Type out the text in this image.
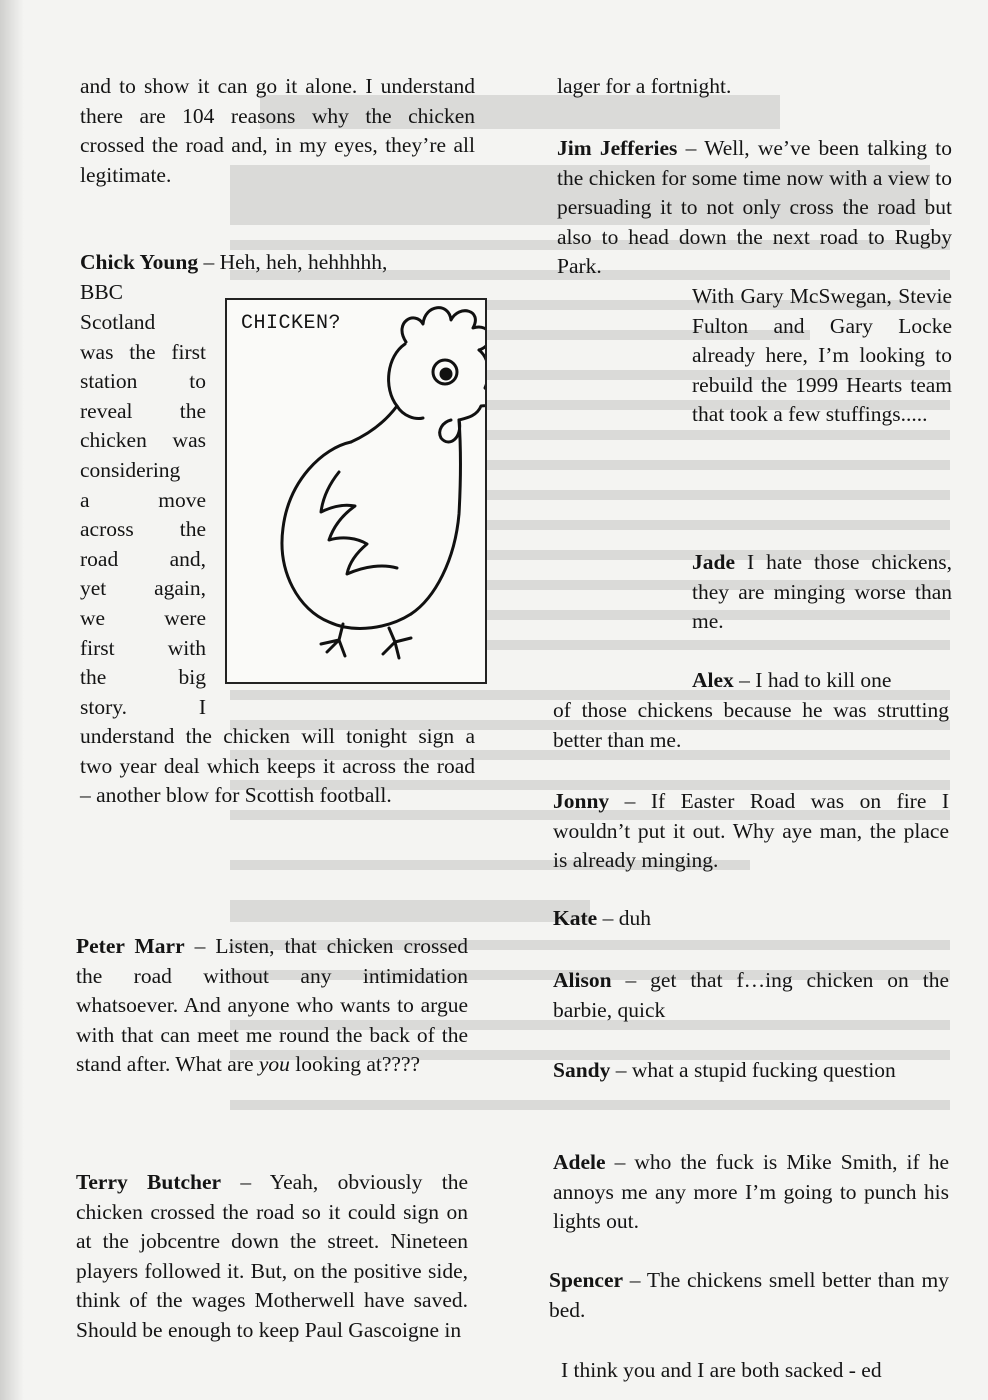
and to show it can go it alone. I understand there are 104 reasons why the chicken crossed the road and, in my eyes, they’re all legitimate.

Chick Young – Heh, heh, hehhhhh,

BBC

Scotland
was the first
station to
reveal the
chicken was
considering
a move
across the
road and,
yet again,
we were
first with
the big
story. I

understand the chicken will tonight sign a two year deal which keeps it across the road – another blow for Scottish football.

Peter Marr – Listen, that chicken crossed the road without any intimidation whatsoever. And anyone who wants to argue with that can meet me round the back of the stand after. What are you looking at????

Terry Butcher – Yeah, obviously the chicken crossed the road so it could sign on at the jobcentre down the street. Nineteen players followed it. But, on the positive side, think of the wages Motherwell have saved. Should be enough to keep Paul Gascoigne in

CHICKEN?

lager for a fortnight.

Jim Jefferies – Well, we’ve been talking to the chicken for some time now with a view to persuading it to not only cross the road but also to head down the next road to Rugby Park.

With Gary McSwegan, Stevie Fulton and Gary Locke already here, I’m looking to rebuild the 1999 Hearts team that took a few stuffings.....

Jade I hate those chickens, they are minging worse than me.

Alex – I had to kill one

of those chickens because he was strutting better than me.

Jonny – If Easter Road was on fire I wouldn’t put it out. Why aye man, the place is already minging.

Kate – duh

Alison – get that f…ing chicken on the barbie, quick

Sandy – what a stupid fucking question

Adele – who the fuck is Mike Smith, if he annoys me any more I’m going to punch his lights out.

Spencer – The chickens smell better than my bed.

I think you and I are both sacked - ed
